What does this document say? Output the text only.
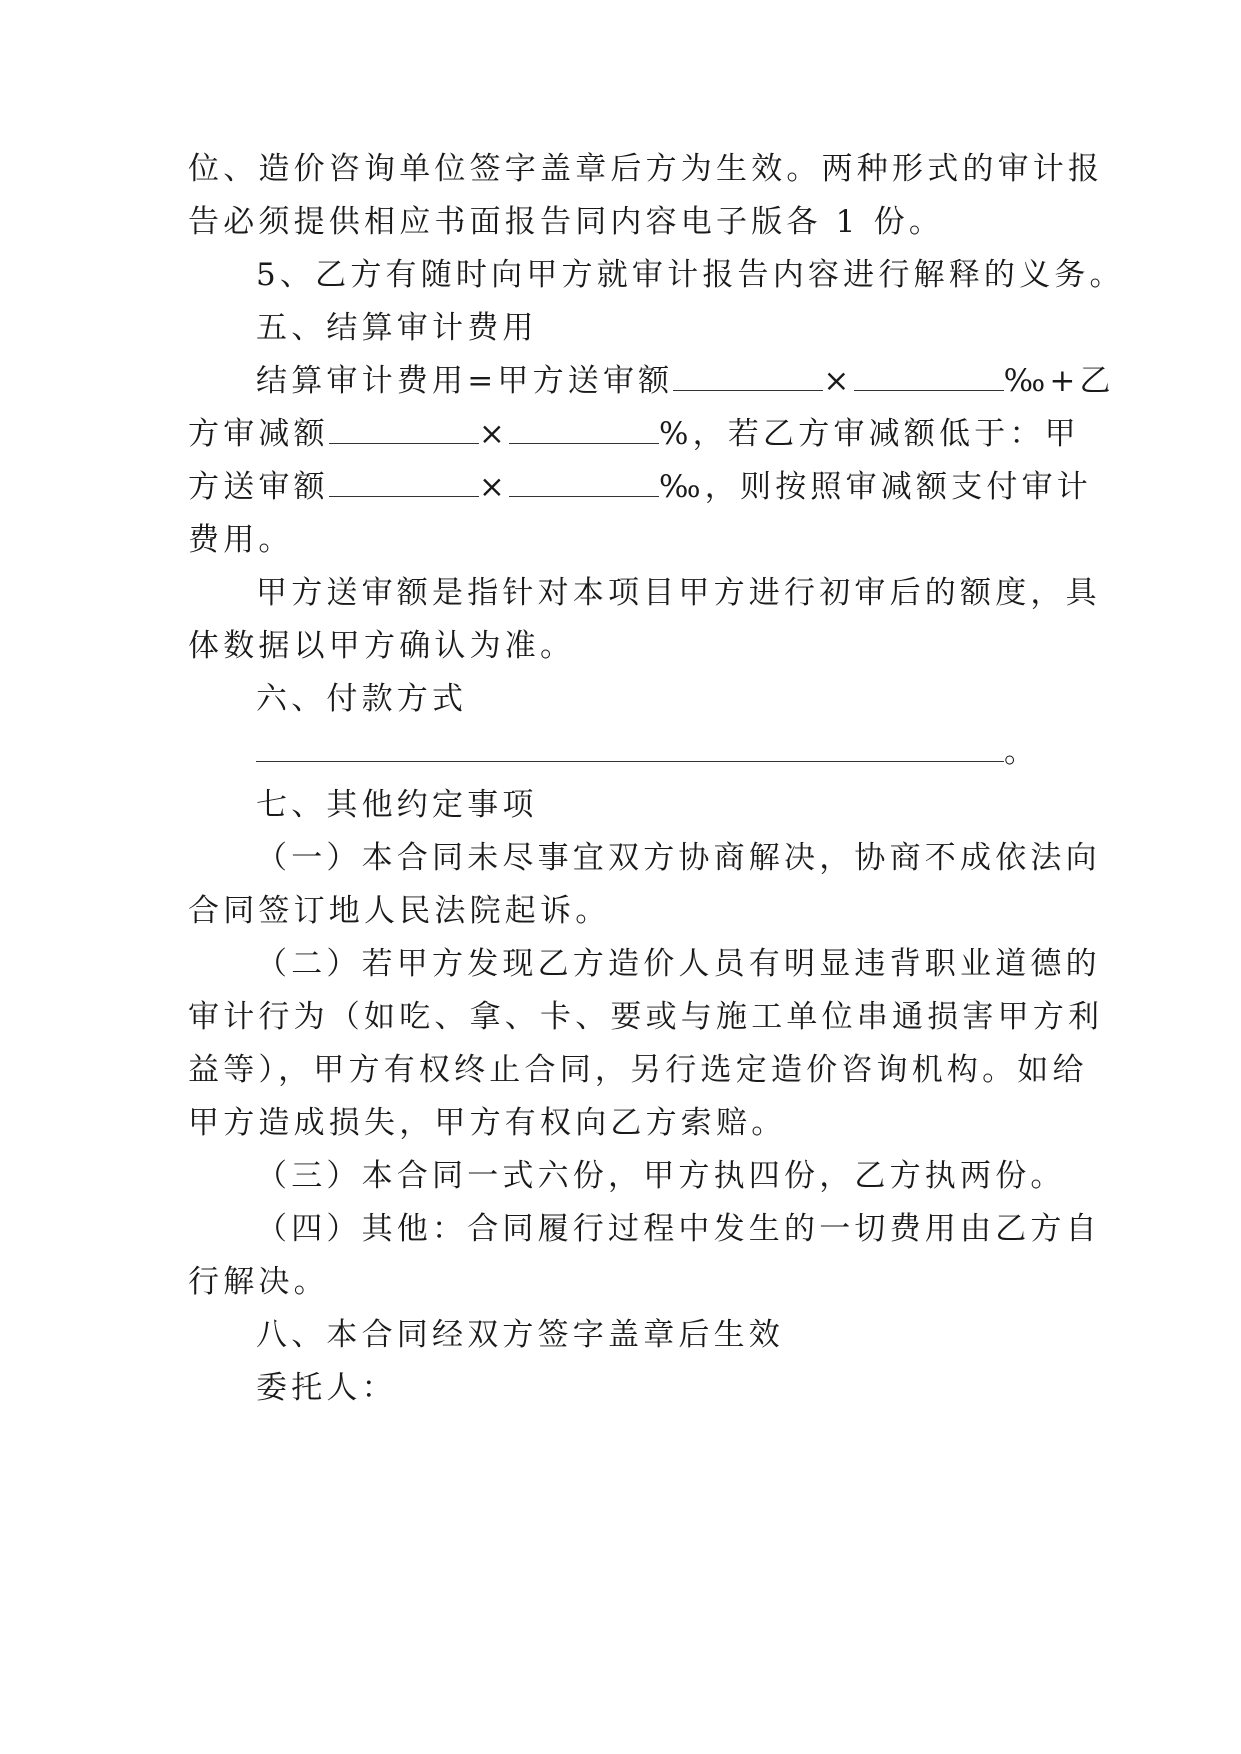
位、造价咨询单位签字盖章后方为生效。两种形式的审计报
告必须提供相应书面报告同内容电子版各 1 份。
5、乙方有随时向甲方就审计报告内容进行解释的义务。
五、结算审计费用
结算审计费用=甲方送审额	×	‰+乙
方审减额	×	%，若乙方审减额低于：甲
方送审额	×	‰，则按照审减额支付审计
费用。
甲方送审额是指针对本项目甲方进行初审后的额度，具
体数据以甲方确认为准。
六、付款方式
。
七、其他约定事项
（一）本合同未尽事宜双方协商解决，协商不成依法向
合同签订地人民法院起诉。
（二）若甲方发现乙方造价人员有明显违背职业道德的
审计行为（如吃、拿、卡、要或与施工单位串通损害甲方利
益等），甲方有权终止合同，另行选定造价咨询机构。如给
甲方造成损失，甲方有权向乙方索赔。
（三）本合同一式六份，甲方执四份，乙方执两份。
（四）其他：合同履行过程中发生的一切费用由乙方自
行解决。
八、本合同经双方签字盖章后生效
委托人：
